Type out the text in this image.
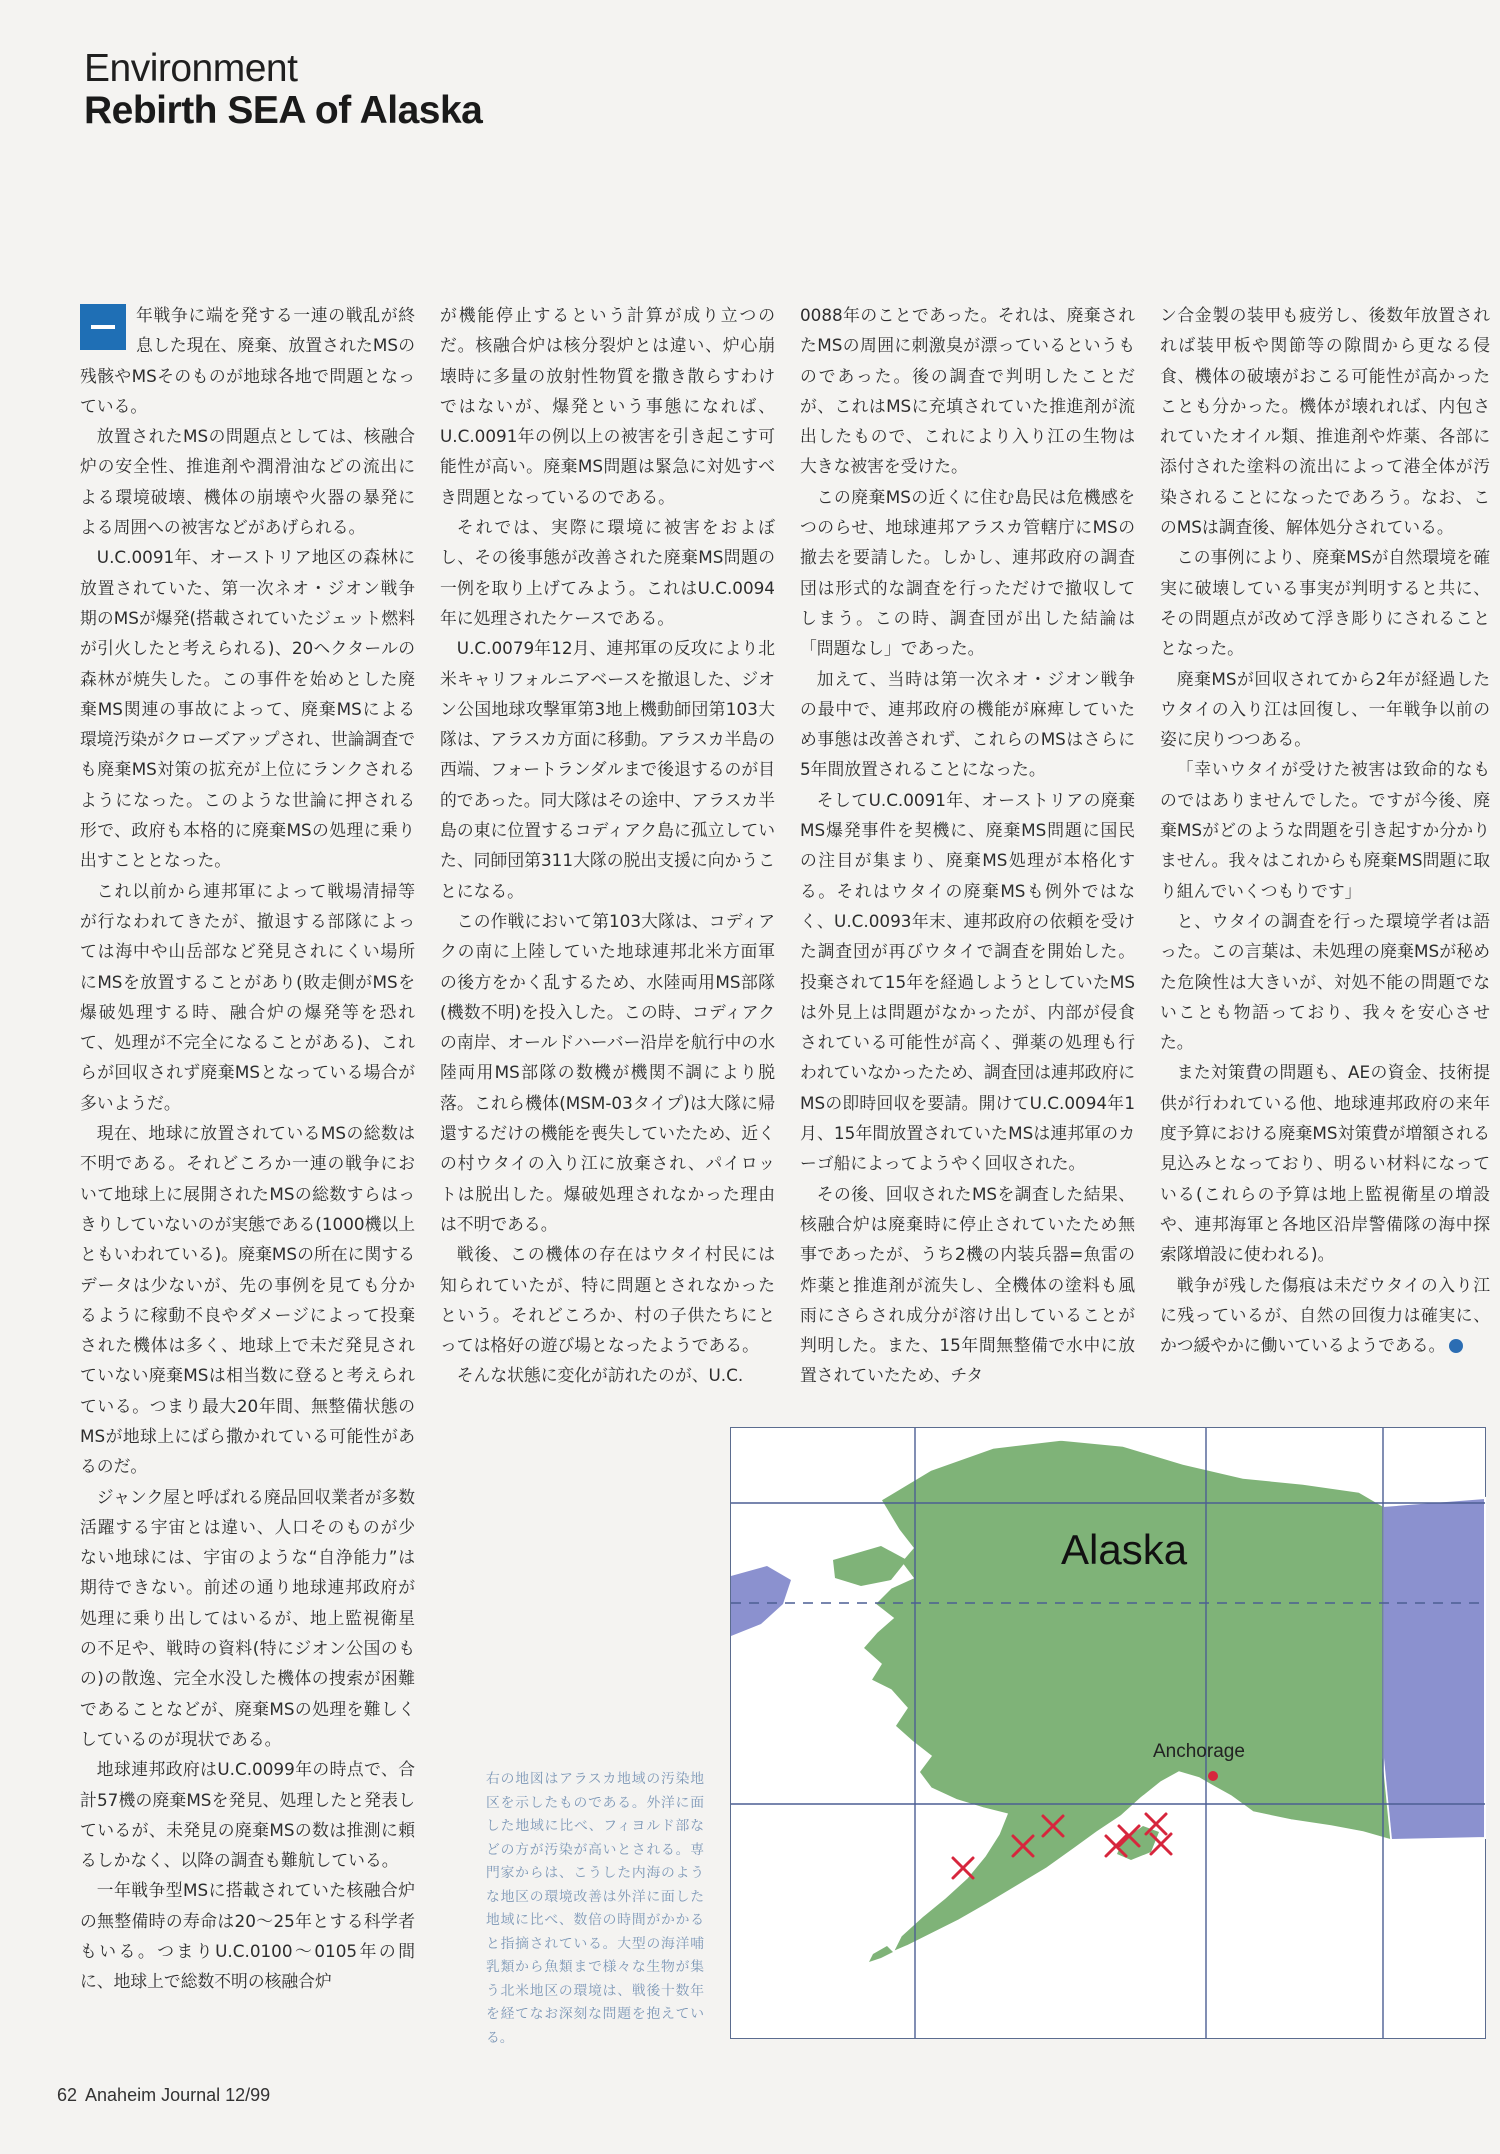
Environment
Rebirth SEA of Alaska

年戦争に端を発する一連の戦乱が終息した現在、廃棄、放置されたMSの残骸やMSそのものが地球各地で問題となっている。

放置されたMSの問題点としては、核融合炉の安全性、推進剤や潤滑油などの流出による環境破壊、機体の崩壊や火器の暴発による周囲への被害などがあげられる。

U.C.0091年、オーストリア地区の森林に放置されていた、第一次ネオ・ジオン戦争期のMSが爆発(搭載されていたジェット燃料が引火したと考えられる)、20ヘクタールの森林が焼失した。この事件を始めとした廃棄MS関連の事故によって、廃棄MSによる環境汚染がクローズアップされ、世論調査でも廃棄MS対策の拡充が上位にランクされるようになった。このような世論に押される形で、政府も本格的に廃棄MSの処理に乗り出すこととなった。

これ以前から連邦軍によって戦場清掃等が行なわれてきたが、撤退する部隊によっては海中や山岳部など発見されにくい場所にMSを放置することがあり(敗走側がMSを爆破処理する時、融合炉の爆発等を恐れて、処理が不完全になることがある)、これらが回収されず廃棄MSとなっている場合が多いようだ。

現在、地球に放置されているMSの総数は不明である。それどころか一連の戦争において地球上に展開されたMSの総数すらはっきりしていないのが実態である(1000機以上ともいわれている)。廃棄MSの所在に関するデータは少ないが、先の事例を見ても分かるように稼動不良やダメージによって投棄された機体は多く、地球上で未だ発見されていない廃棄MSは相当数に登ると考えられている。つまり最大20年間、無整備状態のMSが地球上にばら撒かれている可能性があるのだ。

ジャンク屋と呼ばれる廃品回収業者が多数活躍する宇宙とは違い、人口そのものが少ない地球には、宇宙のような“自浄能力”は期待できない。前述の通り地球連邦政府が処理に乗り出してはいるが、地上監視衛星の不足や、戦時の資料(特にジオン公国のもの)の散逸、完全水没した機体の捜索が困難であることなどが、廃棄MSの処理を難しくしているのが現状である。

地球連邦政府はU.C.0099年の時点で、合計57機の廃棄MSを発見、処理したと発表しているが、未発見の廃棄MSの数は推測に頼るしかなく、以降の調査も難航している。

一年戦争型MSに搭載されていた核融合炉の無整備時の寿命は20〜25年とする科学者もいる。つまりU.C.0100〜0105年の間に、地球上で総数不明の核融合炉

が機能停止するという計算が成り立つのだ。核融合炉は核分裂炉とは違い、炉心崩壊時に多量の放射性物質を撒き散らすわけではないが、爆発という事態になれば、U.C.0091年の例以上の被害を引き起こす可能性が高い。廃棄MS問題は緊急に対処すべき問題となっているのである。

それでは、実際に環境に被害をおよぼし、その後事態が改善された廃棄MS問題の一例を取り上げてみよう。これはU.C.0094年に処理されたケースである。

U.C.0079年12月、連邦軍の反攻により北米キャリフォルニアベースを撤退した、ジオン公国地球攻撃軍第3地上機動師団第103大隊は、アラスカ方面に移動。アラスカ半島の西端、フォートランダルまで後退するのが目的であった。同大隊はその途中、アラスカ半島の東に位置するコディアク島に孤立していた、同師団第311大隊の脱出支援に向かうことになる。

この作戦において第103大隊は、コディアクの南に上陸していた地球連邦北米方面軍の後方をかく乱するため、水陸両用MS部隊(機数不明)を投入した。この時、コディアクの南岸、オールドハーバー沿岸を航行中の水陸両用MS部隊の数機が機関不調により脱落。これら機体(MSM-03タイプ)は大隊に帰還するだけの機能を喪失していたため、近くの村ウタイの入り江に放棄され、パイロットは脱出した。爆破処理されなかった理由は不明である。

戦後、この機体の存在はウタイ村民には知られていたが、特に問題とされなかったという。それどころか、村の子供たちにとっては格好の遊び場となったようである。

そんな状態に変化が訪れたのが、U.C.

0088年のことであった。それは、廃棄されたMSの周囲に刺激臭が漂っているというものであった。後の調査で判明したことだが、これはMSに充填されていた推進剤が流出したもので、これにより入り江の生物は大きな被害を受けた。

この廃棄MSの近くに住む島民は危機感をつのらせ、地球連邦アラスカ管轄庁にMSの撤去を要請した。しかし、連邦政府の調査団は形式的な調査を行っただけで撤収してしまう。この時、調査団が出した結論は「問題なし」であった。

加えて、当時は第一次ネオ・ジオン戦争の最中で、連邦政府の機能が麻痺していため事態は改善されず、これらのMSはさらに5年間放置されることになった。

そしてU.C.0091年、オーストリアの廃棄MS爆発事件を契機に、廃棄MS問題に国民の注目が集まり、廃棄MS処理が本格化する。それはウタイの廃棄MSも例外ではなく、U.C.0093年末、連邦政府の依頼を受けた調査団が再びウタイで調査を開始した。投棄されて15年を経過しようとしていたMSは外見上は問題がなかったが、内部が侵食されている可能性が高く、弾薬の処理も行われていなかったため、調査団は連邦政府にMSの即時回収を要請。開けてU.C.0094年1月、15年間放置されていたMSは連邦軍のカーゴ船によってようやく回収された。

その後、回収されたMSを調査した結果、核融合炉は廃棄時に停止されていたため無事であったが、うち2機の内装兵器=魚雷の炸薬と推進剤が流失し、全機体の塗料も風雨にさらされ成分が溶け出していることが判明した。また、15年間無整備で水中に放置されていたため、チタ

ン合金製の装甲も疲労し、後数年放置されれば装甲板や関節等の隙間から更なる侵食、機体の破壊がおこる可能性が高かったことも分かった。機体が壊れれば、内包されていたオイル類、推進剤や炸薬、各部に添付された塗料の流出によって港全体が汚染されることになったであろう。なお、このMSは調査後、解体処分されている。

この事例により、廃棄MSが自然環境を確実に破壊している事実が判明すると共に、その問題点が改めて浮き彫りにされることとなった。

廃棄MSが回収されてから2年が経過したウタイの入り江は回復し、一年戦争以前の姿に戻りつつある。

「幸いウタイが受けた被害は致命的なものではありませんでした。ですが今後、廃棄MSがどのような問題を引き起すか分かりません。我々はこれからも廃棄MS問題に取り組んでいくつもりです」

と、ウタイの調査を行った環境学者は語った。この言葉は、未処理の廃棄MSが秘めた危険性は大きいが、対処不能の問題でないことも物語っており、我々を安心させた。

また対策費の問題も、AEの資金、技術提供が行われている他、地球連邦政府の来年度予算における廃棄MS対策費が増額される見込みとなっており、明るい材料になっている(これらの予算は地上監視衛星の増設や、連邦海軍と各地区沿岸警備隊の海中探索隊増設に使われる)。

戦争が残した傷痕は未だウタイの入り江に残っているが、自然の回復力は確実に、かつ緩やかに働いているようである。

右の地図はアラスカ地域の汚染地区を示したものである。外洋に面した地域に比べ、フィヨルド部などの方が汚染が高いとされる。専門家からは、こうした内海のような地区の環境改善は外洋に面した地域に比べ、数倍の時間がかかると指摘されている。大型の海洋哺乳類から魚類まで様々な生物が集う北米地区の環境は、戦後十数年を経てなお深刻な問題を抱えている。
Alaska
Anchorage
62 Anaheim Journal 12/99
